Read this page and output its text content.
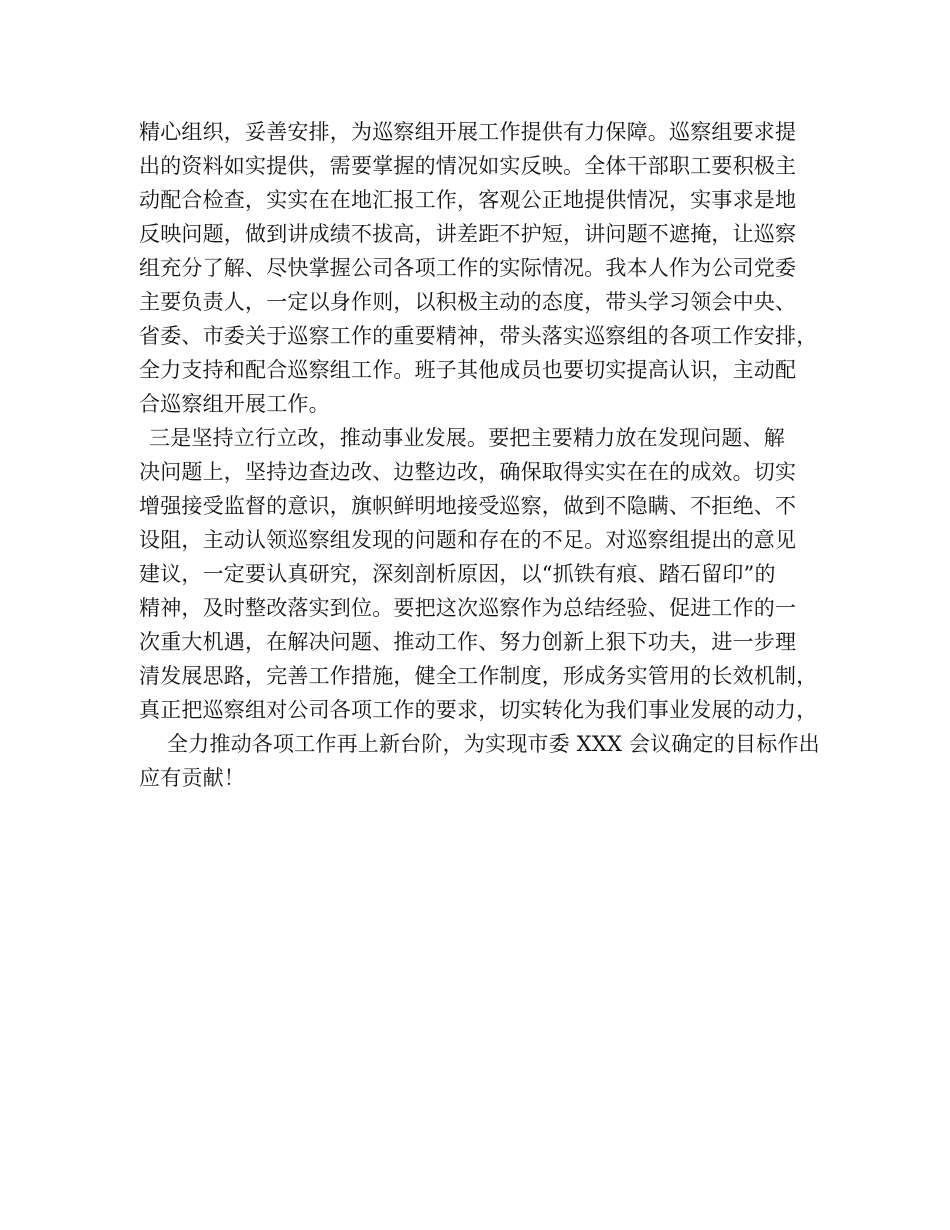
精心组织，妥善安排，为巡察组开展工作提供有力保障。巡察组要求提
出的资料如实提供，需要掌握的情况如实反映。全体干部职工要积极主
动配合检查，实实在在地汇报工作，客观公正地提供情况，实事求是地
反映问题，做到讲成绩不拔高，讲差距不护短，讲问题不遮掩，让巡察
组充分了解、尽快掌握公司各项工作的实际情况。我本人作为公司党委
主要负责人，一定以身作则，以积极主动的态度，带头学习领会中央、
省委、市委关于巡察工作的重要精神，带头落实巡察组的各项工作安排，
全力支持和配合巡察组工作。班子其他成员也要切实提高认识，主动配
合巡察组开展工作。
三是坚持立行立改，推动事业发展。要把主要精力放在发现问题、解
决问题上，坚持边查边改、边整边改，确保取得实实在在的成效。切实
增强接受监督的意识，旗帜鲜明地接受巡察，做到不隐瞒、不拒绝、不
设阻，主动认领巡察组发现的问题和存在的不足。对巡察组提出的意见
建议，一定要认真研究，深刻剖析原因，以“抓铁有痕、踏石留印”的
精神，及时整改落实到位。要把这次巡察作为总结经验、促进工作的一
次重大机遇，在解决问题、推动工作、努力创新上狠下功夫，进一步理
清发展思路，完善工作措施，健全工作制度，形成务实管用的长效机制，
真正把巡察组对公司各项工作的要求，切实转化为我们事业发展的动力，
全力推动各项工作再上新台阶，为实现市委 XXX 会议确定的目标作出
应有贡献！
